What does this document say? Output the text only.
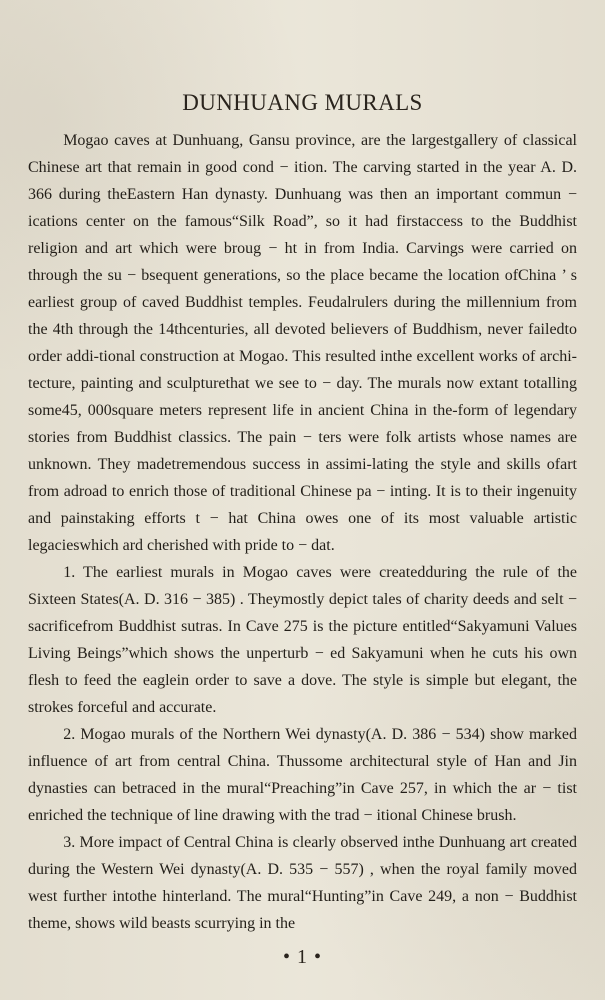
DUNHUANG MURALS

Mogao caves at Dunhuang, Gansu province, are the largestgallery of classical Chinese art that remain in good cond − ition. The carving started in the year A. D. 366 during theEastern Han dynasty. Dunhuang was then an important commun − ications center on the famous“Silk Road”, so it had firstaccess to the Buddhist religion and art which were broug − ht in from India. Carvings were carried on through the su − bsequent generations, so the place became the location ofChina ’ s earliest group of caved Buddhist temples. Feudalrulers during the millennium from the 4th through the 14thcenturies, all devoted believers of Buddhism, never failedto order addi-tional construction at Mogao. This resulted inthe excellent works of archi-tecture, painting and sculpturethat we see to − day. The murals now extant totalling some45, 000square meters represent life in ancient China in the-form of legendary stories from Buddhist classics. The pain − ters were folk artists whose names are unknown. They madetremendous success in assimi-lating the style and skills ofart from adroad to enrich those of traditional Chinese pa − inting. It is to their ingenuity and painstaking efforts t − hat China owes one of its most valuable artistic legacieswhich ard cherished with pride to − dat.

1. The earliest murals in Mogao caves were createdduring the rule of the Sixteen States(A. D. 316 − 385) . Theymostly depict tales of charity deeds and selt − sacrificefrom Buddhist sutras. In Cave 275 is the picture entitled“Sakyamuni Values Living Beings”which shows the unperturb − ed Sakyamuni when he cuts his own flesh to feed the eaglein order to save a dove. The style is simple but elegant, the strokes forceful and accurate.

2. Mogao murals of the Northern Wei dynasty(A. D. 386 − 534) show marked influence of art from central China. Thussome architectural style of Han and Jin dynasties can betraced in the mural“Preaching”in Cave 257, in which the ar − tist enriched the technique of line drawing with the trad − itional Chinese brush.

3. More impact of Central China is clearly observed inthe Dunhuang art created during the Western Wei dynasty(A. D. 535 − 557) , when the royal family moved west further intothe hinterland. The mural“Hunting”in Cave 249, a non − Buddhist theme, shows wild beasts scurrying in the

• 1 •
